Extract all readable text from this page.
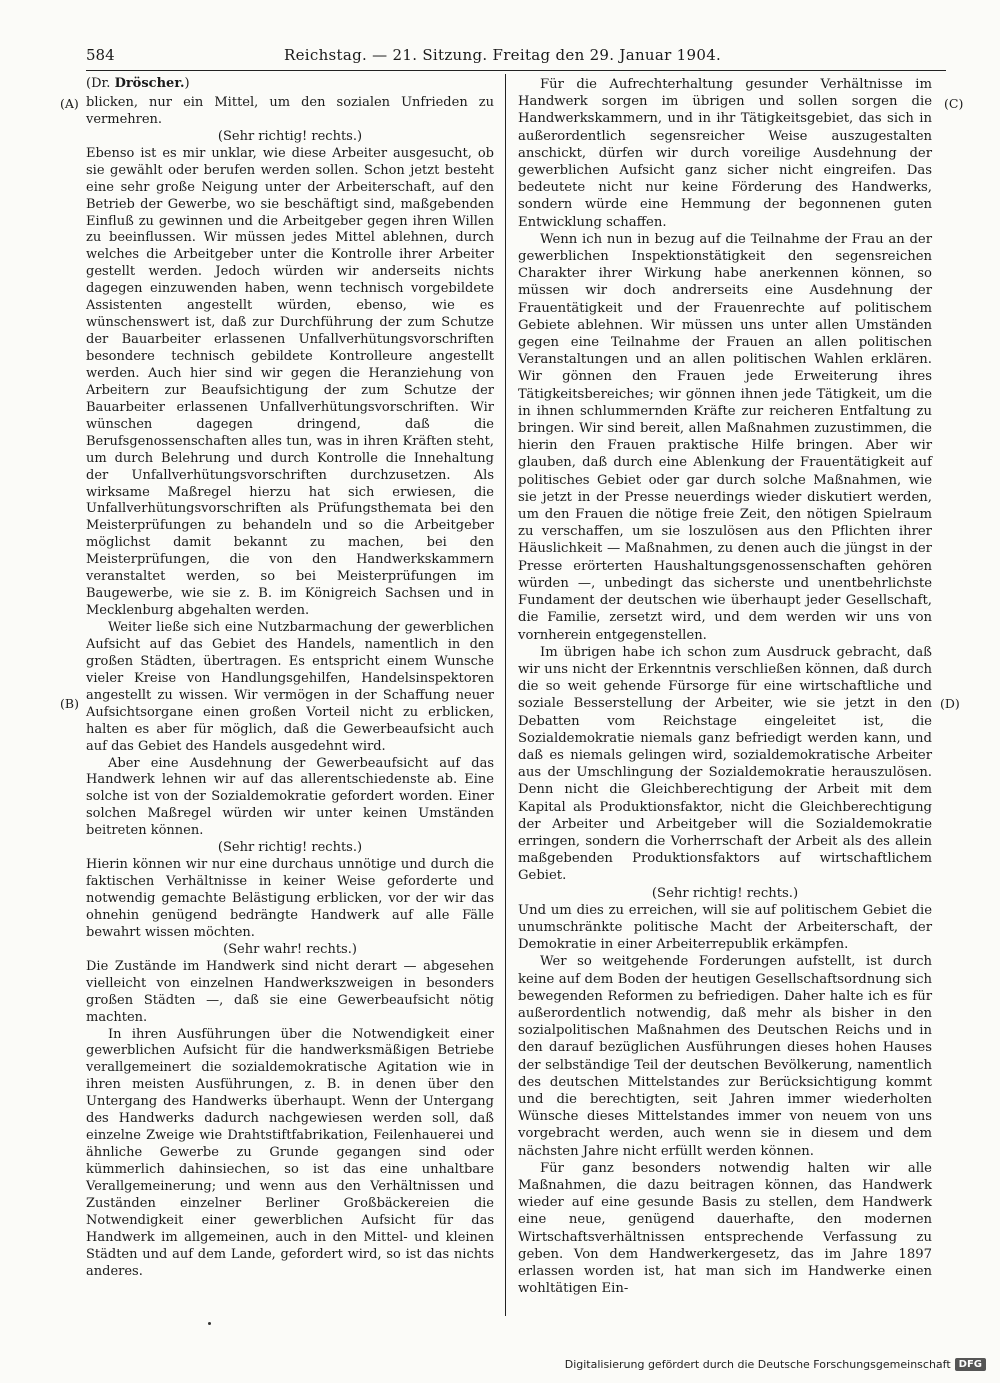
584	Reichstag. — 21. Sitzung. Freitag den 29. Januar 1904.
(A)
(B)
(C)
(D)
(Dr. Dröscher.)

blicken, nur ein Mittel, um den sozialen Unfrieden zu vermehren.

(Sehr richtig! rechts.)

Ebenso ist es mir unklar, wie diese Arbeiter ausgesucht, ob sie gewählt oder berufen werden sollen. Schon jetzt besteht eine sehr große Neigung unter der Arbeiterschaft, auf den Betrieb der Gewerbe, wo sie beschäftigt sind, maßgebenden Einfluß zu gewinnen und die Arbeitgeber gegen ihren Willen zu beeinflussen. Wir müssen jedes Mittel ablehnen, durch welches die Arbeitgeber unter die Kontrolle ihrer Arbeiter gestellt werden. Jedoch würden wir anderseits nichts dagegen einzuwenden haben, wenn technisch vorgebildete Assistenten angestellt würden, ebenso, wie es wünschenswert ist, daß zur Durchführung der zum Schutze der Bauarbeiter erlassenen Unfallverhütungsvorschriften besondere technisch gebildete Kontrolleure angestellt werden. Auch hier sind wir gegen die Heranziehung von Arbeitern zur Beaufsichtigung der zum Schutze der Bauarbeiter erlassenen Unfallverhütungsvorschriften. Wir wünschen dagegen dringend, daß die Berufsgenossenschaften alles tun, was in ihren Kräften steht, um durch Belehrung und durch Kontrolle die Innehaltung der Unfallverhütungsvorschriften durchzusetzen. Als wirksame Maßregel hierzu hat sich erwiesen, die Unfallverhütungsvorschriften als Prüfungsthemata bei den Meisterprüfungen zu behandeln und so die Arbeitgeber möglichst damit bekannt zu machen, bei den Meisterprüfungen, die von den Handwerkskammern veranstaltet werden, so bei Meisterprüfungen im Baugewerbe, wie sie z. B. im Königreich Sachsen und in Mecklenburg abgehalten werden.

Weiter ließe sich eine Nutzbarmachung der gewerblichen Aufsicht auf das Gebiet des Handels, namentlich in den großen Städten, übertragen. Es entspricht einem Wunsche vieler Kreise von Handlungsgehilfen, Handelsinspektoren angestellt zu wissen. Wir vermögen in der Schaffung neuer Aufsichtsorgane einen großen Vorteil nicht zu erblicken, halten es aber für möglich, daß die Gewerbeaufsicht auch auf das Gebiet des Handels ausgedehnt wird.

Aber eine Ausdehnung der Gewerbeaufsicht auf das Handwerk lehnen wir auf das allerentschiedenste ab. Eine solche ist von der Sozialdemokratie gefordert worden. Einer solchen Maßregel würden wir unter keinen Umständen beitreten können.

(Sehr richtig! rechts.)

Hierin können wir nur eine durchaus unnötige und durch die faktischen Verhältnisse in keiner Weise geforderte und notwendig gemachte Belästigung erblicken, vor der wir das ohnehin genügend bedrängte Handwerk auf alle Fälle bewahrt wissen möchten.

(Sehr wahr! rechts.)

Die Zustände im Handwerk sind nicht derart — abgesehen vielleicht von einzelnen Handwerkszweigen in besonders großen Städten —, daß sie eine Gewerbeaufsicht nötig machten.

In ihren Ausführungen über die Notwendigkeit einer gewerblichen Aufsicht für die handwerksmäßigen Betriebe verallgemeinert die sozialdemokratische Agitation wie in ihren meisten Ausführungen, z. B. in denen über den Untergang des Handwerks überhaupt. Wenn der Untergang des Handwerks dadurch nachgewiesen werden soll, daß einzelne Zweige wie Drahtstiftfabrikation, Feilenhauerei und ähnliche Gewerbe zu Grunde gegangen sind oder kümmerlich dahinsiechen, so ist das eine unhaltbare Verallgemeinerung; und wenn aus den Verhältnissen und Zuständen einzelner Berliner Großbäckereien die Notwendigkeit einer gewerblichen Aufsicht für das Handwerk im allgemeinen, auch in den Mittel- und kleinen Städten und auf dem Lande, gefordert wird, so ist das nichts anderes.

Für die Aufrechterhaltung gesunder Verhältnisse im Handwerk sorgen im übrigen und sollen sorgen die Handwerkskammern, und in ihr Tätigkeitsgebiet, das sich in außerordentlich segensreicher Weise auszugestalten anschickt, dürfen wir durch voreilige Ausdehnung der gewerblichen Aufsicht ganz sicher nicht eingreifen. Das bedeutete nicht nur keine Förderung des Handwerks, sondern würde eine Hemmung der begonnenen guten Entwicklung schaffen.

Wenn ich nun in bezug auf die Teilnahme der Frau an der gewerblichen Inspektionstätigkeit den segensreichen Charakter ihrer Wirkung habe anerkennen können, so müssen wir doch andrerseits eine Ausdehnung der Frauentätigkeit und der Frauenrechte auf politischem Gebiete ablehnen. Wir müssen uns unter allen Umständen gegen eine Teilnahme der Frauen an allen politischen Veranstaltungen und an allen politischen Wahlen erklären. Wir gönnen den Frauen jede Erweiterung ihres Tätigkeitsbereiches; wir gönnen ihnen jede Tätigkeit, um die in ihnen schlummernden Kräfte zur reicheren Entfaltung zu bringen. Wir sind bereit, allen Maßnahmen zuzustimmen, die hierin den Frauen praktische Hilfe bringen. Aber wir glauben, daß durch eine Ablenkung der Frauentätigkeit auf politisches Gebiet oder gar durch solche Maßnahmen, wie sie jetzt in der Presse neuerdings wieder diskutiert werden, um den Frauen die nötige freie Zeit, den nötigen Spielraum zu verschaffen, um sie loszulösen aus den Pflichten ihrer Häuslichkeit — Maßnahmen, zu denen auch die jüngst in der Presse erörterten Haushaltungsgenossenschaften gehören würden —, unbedingt das sicherste und unentbehrlichste Fundament der deutschen wie überhaupt jeder Gesellschaft, die Familie, zersetzt wird, und dem werden wir uns von vornherein entgegenstellen.

Im übrigen habe ich schon zum Ausdruck gebracht, daß wir uns nicht der Erkenntnis verschließen können, daß durch die so weit gehende Fürsorge für eine wirtschaftliche und soziale Besserstellung der Arbeiter, wie sie jetzt in den Debatten vom Reichstage eingeleitet ist, die Sozialdemokratie niemals ganz befriedigt werden kann, und daß es niemals gelingen wird, sozialdemokratische Arbeiter aus der Umschlingung der Sozialdemokratie herauszulösen. Denn nicht die Gleichberechtigung der Arbeit mit dem Kapital als Produktionsfaktor, nicht die Gleichberechtigung der Arbeiter und Arbeitgeber will die Sozialdemokratie erringen, sondern die Vorherrschaft der Arbeit als des allein maßgebenden Produktionsfaktors auf wirtschaftlichem Gebiet.

(Sehr richtig! rechts.)

Und um dies zu erreichen, will sie auf politischem Gebiet die unumschränkte politische Macht der Arbeiterschaft, der Demokratie in einer Arbeiterrepublik erkämpfen.

Wer so weitgehende Forderungen aufstellt, ist durch keine auf dem Boden der heutigen Gesellschaftsordnung sich bewegenden Reformen zu befriedigen. Daher halte ich es für außerordentlich notwendig, daß mehr als bisher in den sozialpolitischen Maßnahmen des Deutschen Reichs und in den darauf bezüglichen Ausführungen dieses hohen Hauses der selbständige Teil der deutschen Bevölkerung, namentlich des deutschen Mittelstandes zur Berücksichtigung kommt und die berechtigten, seit Jahren immer wiederholten Wünsche dieses Mittelstandes immer von neuem von uns vorgebracht werden, auch wenn sie in diesem und dem nächsten Jahre nicht erfüllt werden können.

Für ganz besonders notwendig halten wir alle Maßnahmen, die dazu beitragen können, das Handwerk wieder auf eine gesunde Basis zu stellen, dem Handwerk eine neue, genügend dauerhafte, den modernen Wirtschaftsverhältnissen entsprechende Verfassung zu geben. Von dem Handwerkergesetz, das im Jahre 1897 erlassen worden ist, hat man sich im Handwerke einen wohltätigen Ein-

Digitalisierung gefördert durch die Deutsche Forschungsgemeinschaft DFG
